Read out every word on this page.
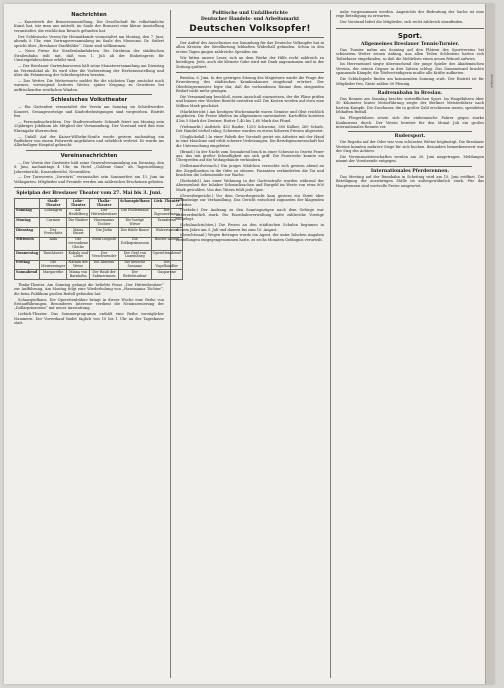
Nachrichten

— Kunstwerk der Brauereiausstellung. Die Gesellschaft für volkstümliche Kunst hat, wie man uns mitteilt, im Saale der Brauerei eine kleine Ausstellung veranstaltet, die reichlichen Besuch gefunden hat.

Der Schlesische Verein für Heimatkunde veranstaltet am Montag, den 7. Juni, abends 8 Uhr, eine Vortragsversammlung im Saale des Museums. Dr. Seifert spricht über „Breslauer Stadtbilder“. Gäste sind willkommen.

— Neue Preise für Straßenbahnfahrten. Die Direktion der städtischen Straßenbahn teilt mit, daß vom 1. Juli ab der Einheitspreis für Umsteigefahrscheine erhöht wird.

— Der Breslauer Gartenbauverein hält seine Monatsversammlung am Dienstag im Vereinslokal ab. Es wird über die Vorbereitung der Herbstausstellung und über die Prämierung der Schrebergärten beraten.

— Das Wetter. Die Wetterwarte meldet für die nächsten Tage zunächst noch warmes, vorwiegend heiteres Wetter, später Neigung zu Gewittern bei auffrischenden westlichen Winden.

Schlesisches Volkstheater

— Ein Gartenfest veranstaltet der Verein am Sonntag im Schießwerder. Konzert, Gesangsvorträge und Kinderbelustigungen sind vorgesehen. Eintritt frei.

— Personalnachrichten. Der Stadtverordnete Schmidt feiert am Montag sein 25jähriges Jubiläum als Mitglied der Versammlung. Der Vorstand wird ihm eine Ehrengabe überreichen.

— Unfall. Auf der Kaiser-Wilhelm-Straße wurde gestern nachmittag ein Radfahrer von einem Fuhrwerk angefahren und erheblich verletzt. Er wurde ins Allerheiligen-Hospital gebracht.

Vereinsnachrichten

— Der Verein der Gastwirte hält seine Generalversammlung am Dienstag, den 8. Juni, nachmittags 4 Uhr, im Hotel „Goldene Gans“ ab. Tagesordnung: Jahresbericht, Kassenbericht, Neuwahlen.

— Der Turnverein „Vorwärts“ veranstaltet sein Sommerfest am 13. Juni im Volksgarten. Mitglieder und Freunde werden um zahlreiches Erscheinen gebeten.

Spielplan der Breslauer Theater vom 27. Mai bis 3. Juni.
	Stadt-Theater	Lobe-Theater	Thalia-Theater	Schauspielhaus	Lieb. Theater
Sonntag	Lohengrin	Alt-Heidelberg	Der Hüttenbesitzer	Die Fledermaus	Der Zigeunerbaron
Montag	Carmen	Die Räuber	Hasemanns Töchter	Die lustige Witwe	Tanzabend
Dienstag	Der Freischütz	Maria Stuart	Die Jüdin	Der fidele Bauer	Walzertraum
Mittwoch	Aida	Die versunkene Glocke	Mein Leopold	Die Dollarprinzessin	Bunter Abend
Donnerstag	Tannhäuser	Kabale und Liebe	Der Verschwender	Der Graf von Luxemburg	Operettenabend
Freitag	Die Meistersinger	Nathan der Weise	Die Ahnfrau	Die keusche Susanne	Der Vogelhändler
Sonnabend	Margarethe	Minna von Barnhelm	Der Raub der Sabinerinnen	Der Bettelstudent	Gasparone

Thalia-Theater. Am Sonntag gelangt die beliebte Posse „Der Hüttenbesitzer“ zur Aufführung. Am Montag folgt eine Wiederholung von „Hasemanns Töchter“, die beim Publikum großen Beifall gefunden hat.

Schauspielhaus. Die Operettenbühne bringt in dieser Woche eine Reihe von Erstaufführungen. Besonderes Interesse verdient die Neuinszenierung der „Dollarprinzessin“ mit neuer Ausstattung.

Liebich-Theater. Das Sommerprogramm enthält eine Reihe vorzüglicher Nummern. Der Vorverkauf findet täglich von 10 bis 1 Uhr an der Tageskasse statt.

Politische und Unfallberichte
Deutscher Handels- und Arbeitsmarkt
Deutschen Volksopfer!

Der Aufruf des Ausschusses zur Sammlung für das Deutsche Volksopfer hat in allen Kreisen der Bevölkerung lebhaften Widerhall gefunden. Schon in den ersten Tagen gingen zahlreiche Spenden ein.

Wir bitten unsere Leser, sich an dem Werke der Hilfe recht zahlreich zu beteiligen. Jede, auch die kleinste Gabe wird mit Dank angenommen und in der Zeitung quittiert.

Breslau, 6. Juni. In der gestrigen Sitzung des Magistrats wurde die Frage der Erweiterung des städtischen Krankenhauses eingehend erörtert. Der Oberbürgermeister legte dar, daß die vorhandenen Räume dem steigenden Bedarf nicht mehr genügen.

Die Versammlung beschloß, einen Ausschuß einzusetzen, der die Pläne prüfen und binnen vier Wochen Bericht erstatten soll. Die Kosten werden auf etwa eine Million Mark geschätzt.

(Marktbericht.) Am heutigen Wochenmarkt waren Gemüse und Obst reichlich angeboten. Die Preise blieben im allgemeinen unverändert. Kartoffeln kosteten 4 bis 5 Mark der Zentner, Butter 1,40 bis 1,60 Mark das Pfund.

(Viehmarkt.) Auftrieb: 420 Rinder, 1250 Schweine, 380 Kälber, 260 Schafe. Der Handel verlief ruhig; Schweine wurden zu etwas höheren Preisen abgesetzt.

(Unglücksfall.) In einer Fabrik der Vorstadt geriet ein Arbeiter mit der Hand in eine Maschine und erlitt schwere Verletzungen. Die Berufsgenossenschaft hat die Untersuchung eingeleitet.

(Brand.) In der Nacht zum Sonnabend brach in einer Scheune in Oswitz Feuer aus, das mit großer Schnelligkeit um sich griff. Die Feuerwehr konnte ein Übergreifen auf die Wohngebäude verhindern.

(Selbstmordversuch.) Ein junges Mädchen versuchte sich gestern abend an der Ziegelbastion in die Oder zu stürzen. Passanten verhinderten die Tat und brachten die Lebensmüde zur Wache.

(Diebstahl.) Aus einer Wohnung in der Gartenstraße wurden während der Abwesenheit der Inhaber Schmucksachen und Bargeld im Werte von etwa 800 Mark gestohlen. Von den Tätern fehlt jede Spur.

(Gewerbegericht.) Vor dem Gewerbegericht kam gestern ein Streit über Lohnabzüge zur Verhandlung. Das Gericht entschied zugunsten der klagenden Arbeiter.

(Verkehr.) Der Andrang zu den Sonntagszügen nach dem Gebirge war außerordentlich stark. Die Eisenbahnverwaltung hatte zahlreiche Vorzüge eingelegt.

(Schulnachrichten.) Die Ferien an den städtischen Schulen beginnen in diesem Jahre am 3. Juli und dauern bis zum 10. August.

(Gerichtssaal.) Wegen Betruges wurde ein Agent, der unter falschen Angaben Bestellungen entgegengenommen hatte, zu sechs Monaten Gefängnis verurteilt.

nahe vorgenommen werden. Angesichts der Bedeutung der Sache ist eine rege Beteiligung zu erwarten.

Der Vorstand bittet die Mitglieder, sich recht zahlreich einzufinden.

Sport.
Allgemeines Breslauer Tennis-Turnier.

Das Turnier nahm am Sonntag auf den Plätzen des Sportvereins bei schönstem Wetter seinen Anfang. Aus allen Teilen Schlesiens hatten sich Teilnehmer eingefunden, so daß die Meldeliste einen neuen Rekord aufwies.

Im Herreneinzel siegte überraschend der junge Spieler des Akademischen Vereins, der seinen Gegner in drei Sätzen schlug. Das Dameneinzel brachte spannende Kämpfe; die Titelverteidigerin mußte alle Kräfte aufbieten.

Die Schlußspiele finden am kommenden Sonntag statt. Der Eintritt ist für Mitglieder frei, Gäste zahlen 50 Pfennig.

Radrennbahn in Breslau.

Das Rennen am Sonntag brachte vortrefflichen Sport. Im Hauptfahren über 50 Kilometer hinter Motorführung siegte der Berliner Meisterfahrer nach hartem Kampfe. Die Zuschauer, die in großer Zahl erschienen waren, spendeten lebhaften Beifall.

Im Fliegerfahren setzte sich der einheimische Fahrer gegen starke Konkurrenz durch. Der Verein bereitet für den Monat Juli ein großes internationales Rennen vor.

Rudersport.

Die Regatta auf der Oder war vom schönsten Wetter begünstigt. Die Breslauer Vereine konnten mehrere Siege für sich buchen. Besonders bemerkenswert war der Sieg des Achters.

Die Vereinsmeisterschaften werden am 20. Juni ausgetragen. Meldungen nimmt der Vorsitzende entgegen.

Internationales Pferderennen.

Das Meeting auf der Rennbahn in Scheitnig wird am 15. Juni eröffnet. Die Beteiligung der auswärtigen Ställe ist außergewöhnlich stark. Für das Hauptrennen sind wertvolle Preise ausgesetzt.

Anzeigen
